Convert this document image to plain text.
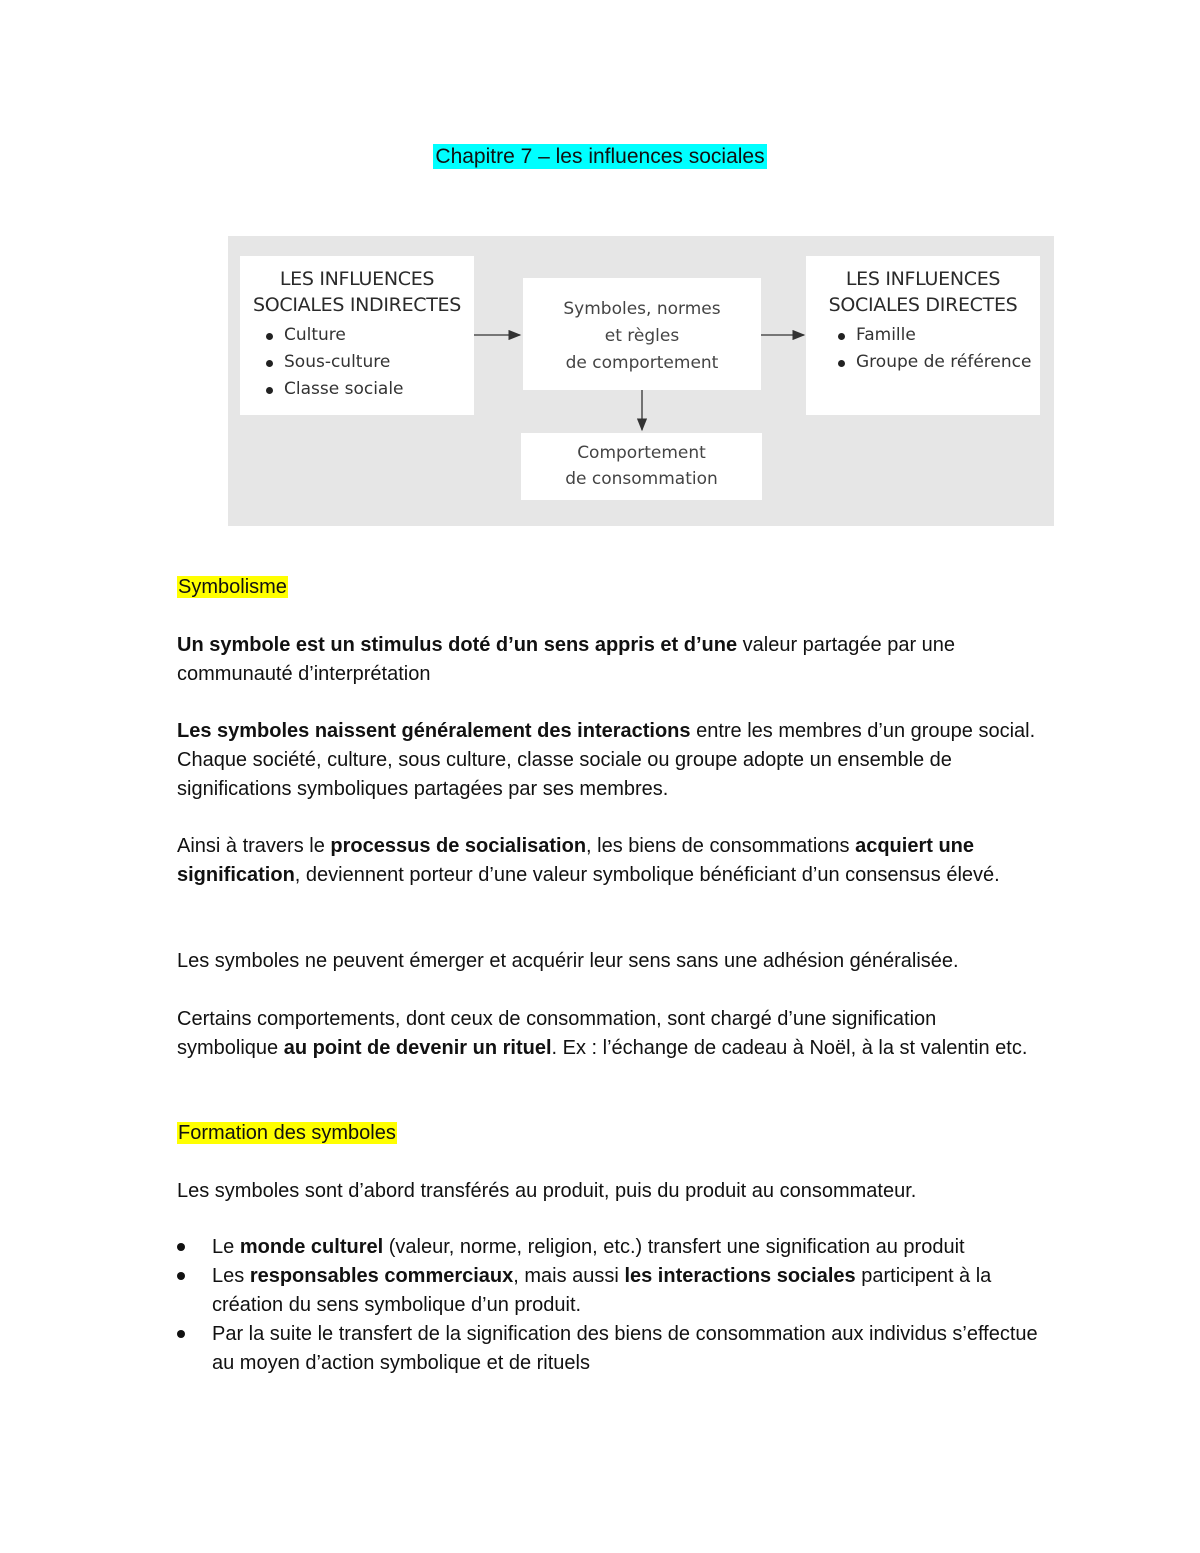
Chapitre 7 – les influences sociales
LES INFLUENCES
SOCIALES INDIRECTES
Culture
Sous-culture
Classe sociale
Symboles, normes
et règles
de comportement
LES INFLUENCES
SOCIALES DIRECTES
Famille
Groupe de référence
Comportement
de consommation

Symbolisme

Un symbole est un stimulus doté d’un sens appris et d’une valeur partagée par une communauté d’interprétation

Les symboles naissent généralement des interactions entre les membres d’un groupe social. Chaque société, culture, sous culture, classe sociale ou groupe adopte un ensemble de significations symboliques partagées par ses membres.

Ainsi à travers le processus de socialisation, les biens de consommations acquiert une signification, deviennent porteur d’une valeur symbolique bénéficiant d’un consensus élevé.

Les symboles ne peuvent émerger et acquérir leur sens sans une adhésion généralisée.

Certains comportements, dont ceux de consommation, sont chargé d’une signification symbolique au point de devenir un rituel. Ex : l’échange de cadeau à Noël, à la st valentin etc.

Formation des symboles

Les symboles sont d’abord transférés au produit, puis du produit au consommateur.

Le monde culturel (valeur, norme, religion, etc.) transfert une signification au produit
Les responsables commerciaux, mais aussi les interactions sociales participent à la création du sens symbolique d’un produit.
Par la suite le transfert de la signification des biens de consommation aux individus s’effectue au moyen d’action symbolique et de rituels
